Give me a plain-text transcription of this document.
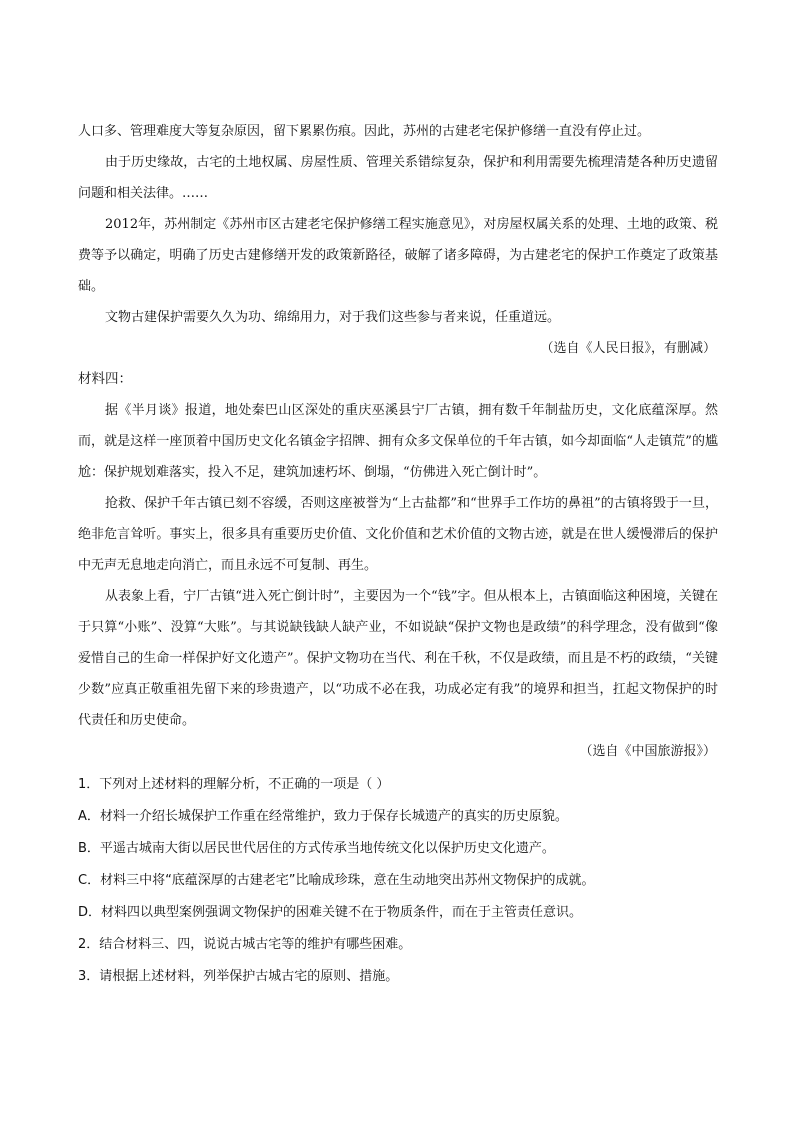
人口多、管理难度大等复杂原因，留下累累伤痕。因此，苏州的古建老宅保护修缮一直没有停止过。

由于历史缘故，古宅的土地权属、房屋性质、管理关系错综复杂，保护和利用需要先梳理清楚各种历史遗留问题和相关法律。……

2012年，苏州制定《苏州市区古建老宅保护修缮工程实施意见》，对房屋权属关系的处理、土地的政策、税费等予以确定，明确了历史古建修缮开发的政策新路径，破解了诸多障碍，为古建老宅的保护工作奠定了政策基础。

文物古建保护需要久久为功、绵绵用力，对于我们这些参与者来说，任重道远。

（选自《人民日报》，有删减）

材料四：

据《半月谈》报道，地处秦巴山区深处的重庆巫溪县宁厂古镇，拥有数千年制盐历史，文化底蕴深厚。然而，就是这样一座顶着中国历史文化名镇金字招牌、拥有众多文保单位的千年古镇，如今却面临“人走镇荒”的尴尬：保护规划难落实，投入不足，建筑加速朽坏、倒塌，“仿佛进入死亡倒计时”。

抢救、保护千年古镇已刻不容缓，否则这座被誉为“上古盐都”和“世界手工作坊的鼻祖”的古镇将毁于一旦，绝非危言耸听。事实上，很多具有重要历史价值、文化价值和艺术价值的文物古迹，就是在世人缓慢滞后的保护中无声无息地走向消亡，而且永远不可复制、再生。

从表象上看，宁厂古镇“进入死亡倒计时”，主要因为一个“钱”字。但从根本上，古镇面临这种困境，关键在于只算“小账”、没算“大账”。与其说缺钱缺人缺产业，不如说缺“保护文物也是政绩”的科学理念，没有做到“像爱惜自己的生命一样保护好文化遗产”。保护文物功在当代、利在千秋，不仅是政绩，而且是不朽的政绩，“关键少数”应真正敬重祖先留下来的珍贵遗产，以“功成不必在我，功成必定有我”的境界和担当，扛起文物保护的时代责任和历史使命。

（选自《中国旅游报》）

1．下列对上述材料的理解分析，不正确的一项是（ ）

A．材料一介绍长城保护工作重在经常维护，致力于保存长城遗产的真实的历史原貌。

B．平遥古城南大街以居民世代居住的方式传承当地传统文化以保护历史文化遗产。

C．材料三中将“底蕴深厚的古建老宅”比喻成珍珠，意在生动地突出苏州文物保护的成就。

D．材料四以典型案例强调文物保护的困难关键不在于物质条件，而在于主管责任意识。

2．结合材料三、四，说说古城古宅等的维护有哪些困难。

3．请根据上述材料，列举保护古城古宅的原则、措施。
